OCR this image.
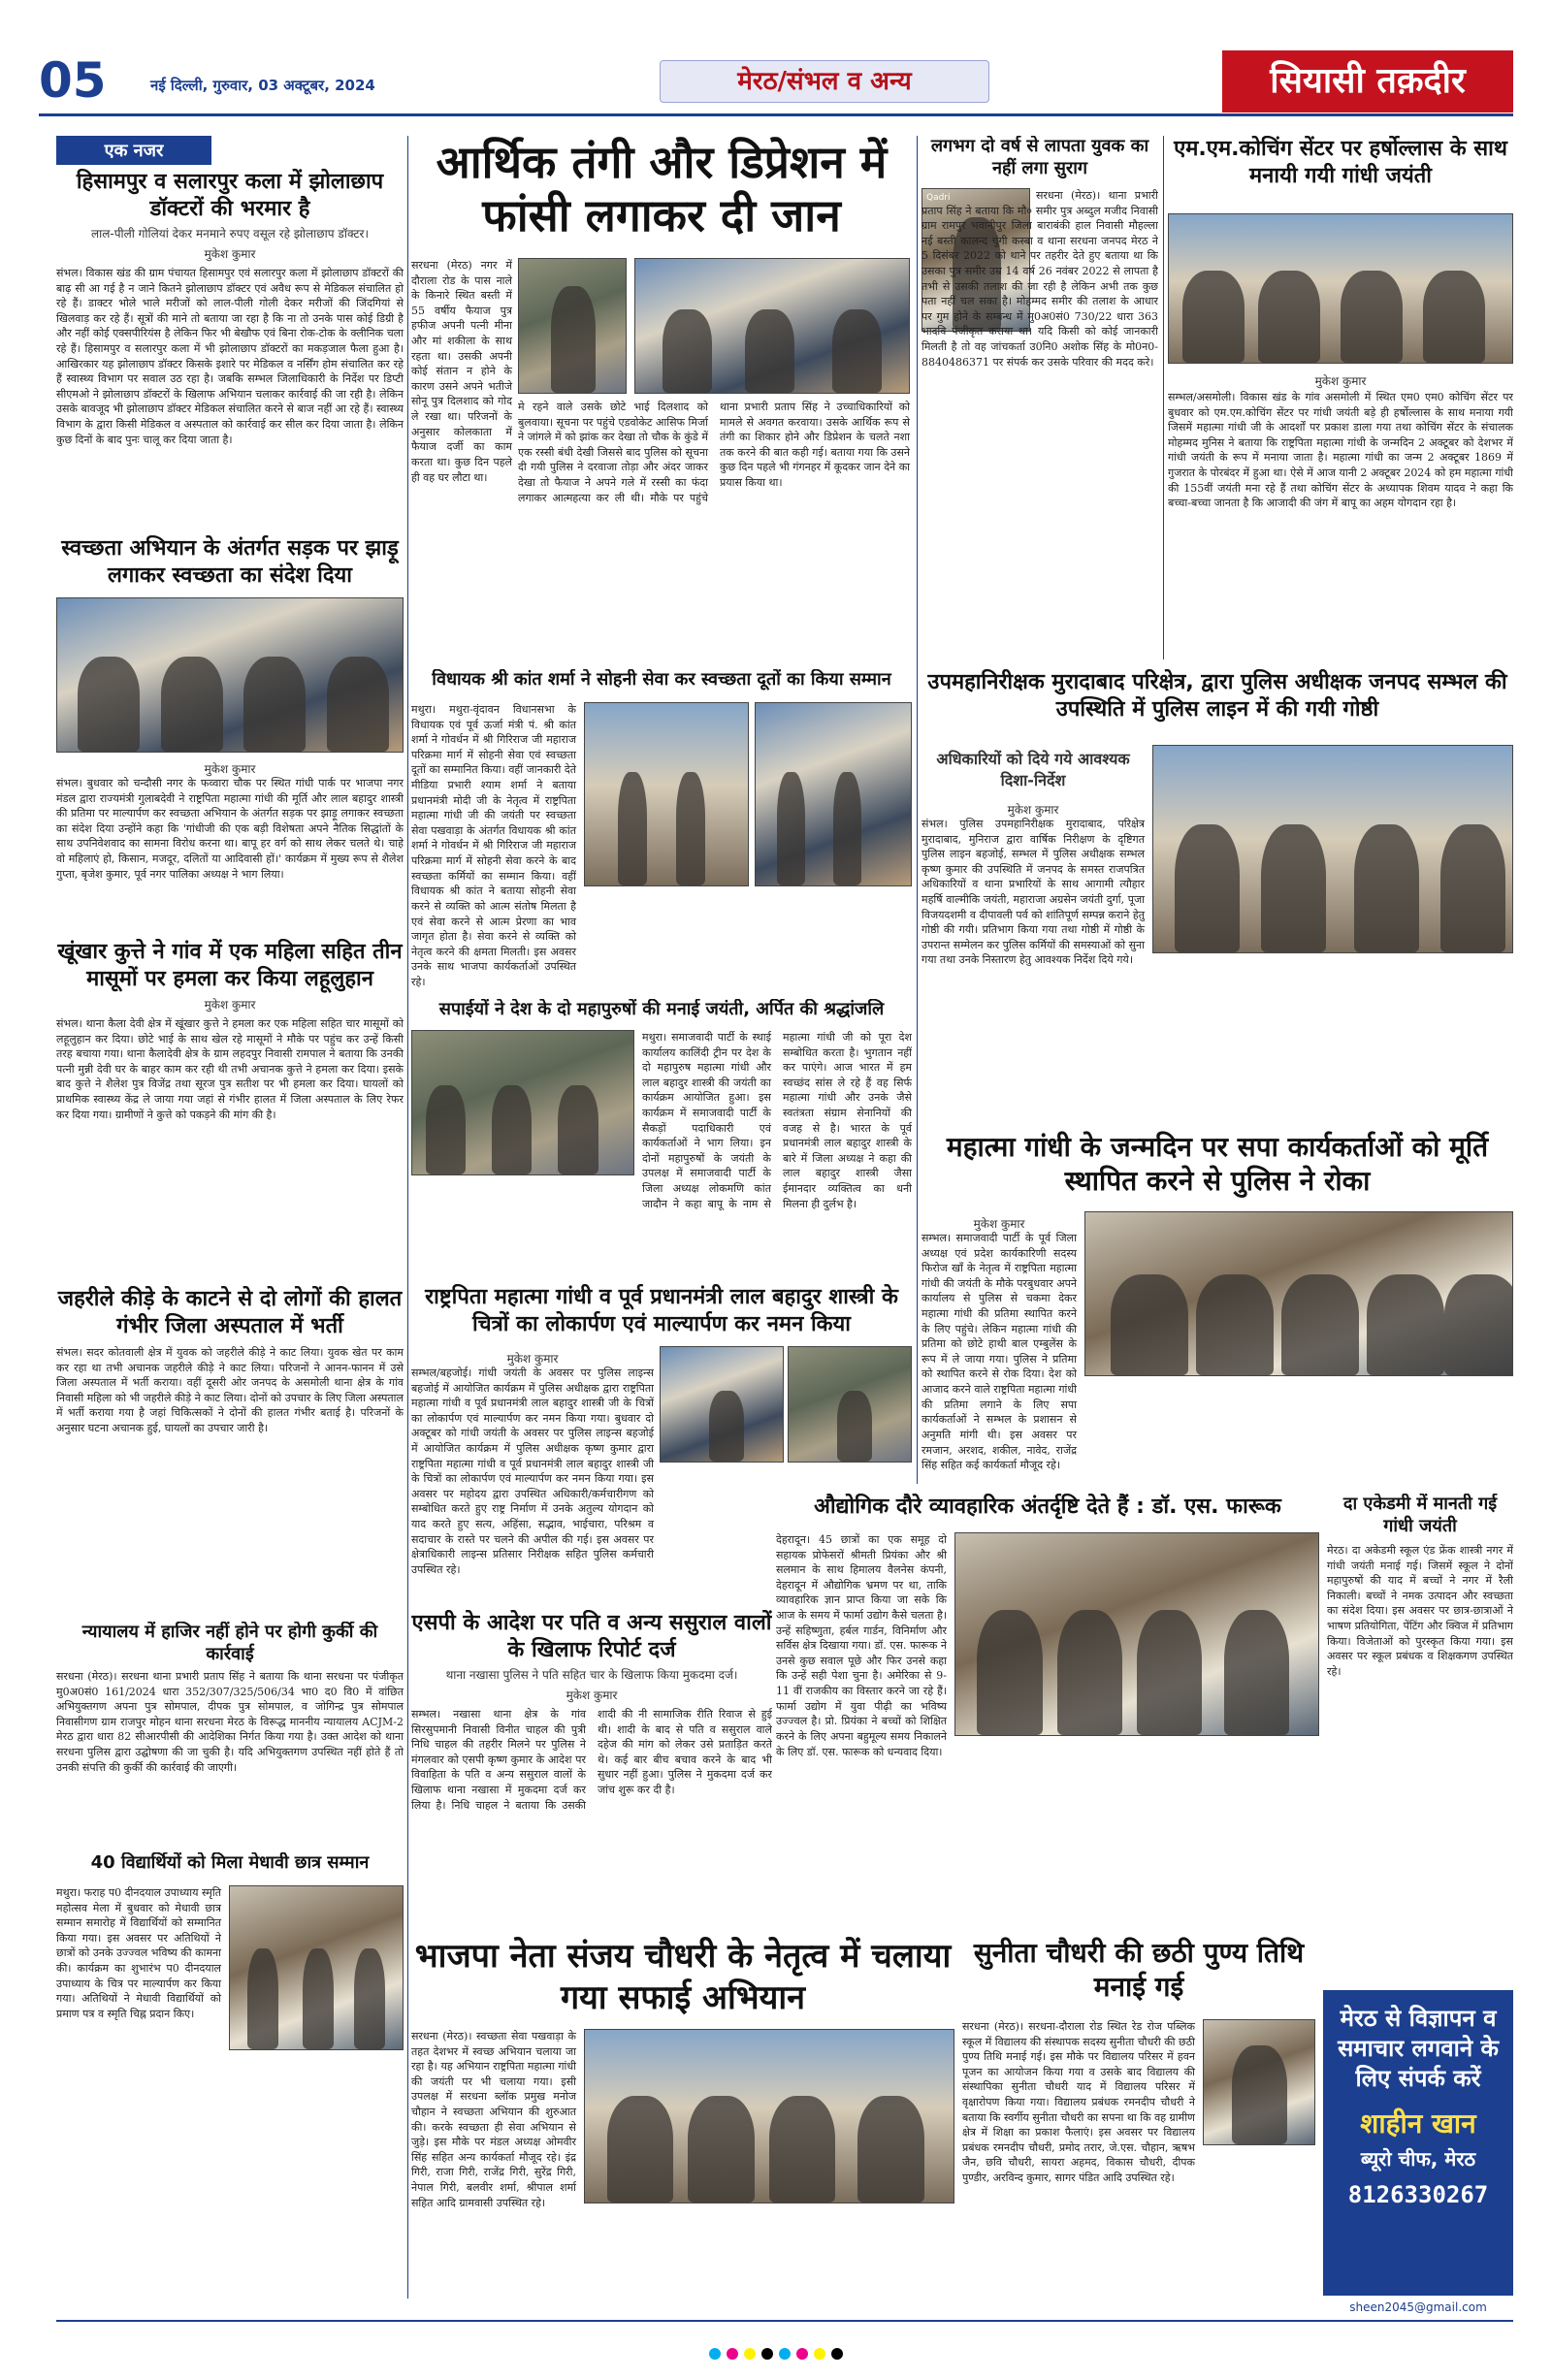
05	नई दिल्ली, गुरुवार, 03 अक्टूबर, 2024	मेरठ/संभल व अन्य	सियासी तक़दीर
एक नजर
हिसामपुर व सलारपुर कला में झोलाछाप डॉक्टरों की भरमार है
लाल-पीली गोलियां देकर मनमाने रुपए वसूल रहे झोलाछाप डॉक्टर।
मुकेश कुमार
संभल। विकास खंड की ग्राम पंचायत हिसामपुर एवं सलारपुर कला में झोलाछाप डॉक्टरों की बाढ़ सी आ गई है न जाने कितने झोलाछाप डॉक्टर एवं अवैध रूप से मेडिकल संचालित हो रहे हैं। डाक्टर भोले भाले मरीजों को लाल-पीली गोली देकर मरीजों की जिंदगियां से खिलवाड़ कर रहे हैं। सूत्रों की माने तो बताया जा रहा है कि ना तो उनके पास कोई डिग्री है और नहीं कोई एक्सपीरियंस है लेकिन फिर भी बेखौफ एवं बिना रोक-टोक के क्लीनिक चला रहे हैं। हिसामपुर व सलारपुर कला में भी झोलाछाप डॉक्टरों का मकड़जाल फैला हुआ है। आखिरकार यह झोलाछाप डॉक्टर किसके इशारे पर मेडिकल व नर्सिंग होम संचालित कर रहे हैं स्वास्थ्य विभाग पर सवाल उठ रहा है। जबकि सम्भल जिलाधिकारी के निर्देश पर डिप्टी सीएमओ ने झोलाछाप डॉक्टरों के खिलाफ अभियान चलाकर कार्रवाई की जा रही है। लेकिन उसके बावजूद भी झोलाछाप डॉक्टर मेडिकल संचालित करने से बाज नहीं आ रहे हैं। स्वास्थ्य विभाग के द्वारा किसी मेडिकल व अस्पताल को कार्रवाई कर सील कर दिया जाता है। लेकिन कुछ दिनों के बाद पुनः चालू कर दिया जाता है।
आर्थिक तंगी और डिप्रेशन में फांसी लगाकर दी जान
सरधना (मेरठ) नगर में दौराला रोड के पास नाले के किनारे स्थित बस्ती में 55 वर्षीय फैयाज पुत्र हफीज अपनी पत्नी मीना और मां शकीला के साथ रहता था। उसकी अपनी कोई संतान न होने के कारण उसने अपने भतीजे सोनू पुत्र दिलशाद को गोद ले रखा था। परिजनों के अनुसार कोलकाता में फैयाज दर्जी का काम करता था। कुछ दिन पहले ही वह घर लौटा था।
मे रहने वाले उसके छोटे भाई दिलशाद को बुलवाया। सूचना पर पहुंचे एडवोकेट आसिफ मिर्जा ने जांगले में को झांक कर देखा तो चौक के कुंडे में एक रस्सी बंधी देखी जिससे बाद पुलिस को सूचना दी गयी पुलिस ने दरवाजा तोड़ा और अंदर जाकर देखा तो फैयाज ने अपने गले में रस्सी का फंदा लगाकर आत्महत्या कर ली थी। मौके पर पहुंचे थाना प्रभारी प्रताप सिंह ने उच्चाधिकारियों को मामले से अवगत करवाया। उसके आर्थिक रूप से तंगी का शिकार होने और डिप्रेशन के चलते नशा तक करने की बात कही गई। बताया गया कि उसने कुछ दिन पहले भी गंगनहर में कूदकर जान देने का प्रयास किया था।
लगभग दो वर्ष से लापता युवक का नहीं लगा सुराग
Qadri	सरधना (मेरठ)। थाना प्रभारी प्रताप सिंह ने बताया कि मौ० समीर पुत्र अब्दुल मजीद निवासी ग्राम रामपुर भवानीपुर जिला बाराबंकी हाल निवासी मौहल्ला नई बस्ती कालन्द चुंगी कस्बा व थाना सरधना जनपद मेरठ ने 5 दिसंबर 2022 को थाने पर तहरीर देते हुए बताया था कि उसका पुत्र समीर उम्र 14 वर्ष 26 नवंबर 2022 से लापता है तभी से उसकी तलाश की जा रही है लेकिन अभी तक कुछ पता नहीं चल सका है। मोहम्मद समीर की तलाश के आधार पर गुम होने के सम्बन्ध में मु0अ0सं0 730/22 धारा 363 भादवि पंजीकृत कराया था। यदि किसी को कोई जानकारी मिलती है तो वह जांचकर्ता उ0नि0 अशोक सिंह के मो0न0-8840486371 पर संपर्क कर उसके परिवार की मदद करे।
एम.एम.कोचिंग सेंटर पर हर्षोल्लास के साथ मनायी गयी गांधी जयंती
मुकेश कुमार
सम्भल/असमोली। विकास खंड के गांव असमोली में स्थित एम0 एम0 कोचिंग सेंटर पर बुधवार को एम.एम.कोचिंग सेंटर पर गांधी जयंती बड़े ही हर्षोल्लास के साथ मनाया गयी जिसमें महात्मा गांधी जी के आदर्शों पर प्रकाश डाला गया तथा कोचिंग सेंटर के संचालक मोहम्मद मुनिस ने बताया कि राष्ट्रपिता महात्मा गांधी के जन्मदिन 2 अक्टूबर को देशभर में गांधी जयंती के रूप में मनाया जाता है। महात्मा गांधी का जन्म 2 अक्टूबर 1869 में गुजरात के पोरबंदर में हुआ था। ऐसे में आज यानी 2 अक्टूबर 2024 को हम महात्मा गांधी की 155वीं जयंती मना रहे हैं तथा कोचिंग सेंटर के अध्यापक शिवम यादव ने कहा कि बच्चा-बच्चा जानता है कि आजादी की जंग में बापू का अहम योगदान रहा है।
स्वच्छता अभियान के अंतर्गत सड़क पर झाड़ू लगाकर स्वच्छता का संदेश दिया
मुकेश कुमार
संभल। बुधवार को चन्दौसी नगर के फव्वारा चौक पर स्थित गांधी पार्क पर भाजपा नगर मंडल द्वारा राज्यमंत्री गुलाबदेवी ने राष्ट्रपिता महात्मा गांधी की मूर्ति और लाल बहादुर शास्त्री की प्रतिमा पर माल्यार्पण कर स्वच्छता अभियान के अंतर्गत सड़क पर झाड़ू लगाकर स्वच्छता का संदेश दिया उन्होंने कहा कि 'गांधीजी की एक बड़ी विशेषता अपने नैतिक सिद्धांतों के साथ उपनिवेशवाद का सामना विरोध करना था। बापू हर वर्ग को साथ लेकर चलते थे। चाहे वो महिलाएं हो, किसान, मजदूर, दलितों या आदिवासी हों।' कार्यक्रम में मुख्य रूप से शैलेश गुप्ता, बृजेश कुमार, पूर्व नगर पालिका अध्यक्ष ने भाग लिया।
खूंखार कुत्ते ने गांव में एक महिला सहित तीन मासूमों पर हमला कर किया लहूलुहान
मुकेश कुमार
संभल। थाना कैला देवी क्षेत्र में खूंखार कुत्ते ने हमला कर एक महिला सहित चार मासूमों को लहूलुहान कर दिया। छोटे भाई के साथ खेल रहे मासूमों ने मौके पर पहुंच कर उन्हें किसी तरह बचाया गया। थाना कैलादेवी क्षेत्र के ग्राम लहदपुर निवासी रामपाल ने बताया कि उनकी पत्नी मुन्नी देवी घर के बाहर काम कर रही थी तभी अचानक कुत्ते ने हमला कर दिया। इसके बाद कुत्ते ने शैलेश पुत्र विजेंद्र तथा सूरज पुत्र सतीश पर भी हमला कर दिया। घायलों को प्राथमिक स्वास्थ्य केंद्र ले जाया गया जहां से गंभीर हालत में जिला अस्पताल के लिए रेफर कर दिया गया। ग्रामीणों ने कुत्ते को पकड़ने की मांग की है।
जहरीले कीड़े के काटने से दो लोगों की हालत गंभीर जिला अस्पताल में भर्ती
संभल। सदर कोतवाली क्षेत्र में युवक को जहरीले कीड़े ने काट लिया। युवक खेत पर काम कर रहा था तभी अचानक जहरीले कीड़े ने काट लिया। परिजनों ने आनन-फानन में उसे जिला अस्पताल में भर्ती कराया। वहीं दूसरी ओर जनपद के असमोली थाना क्षेत्र के गांव निवासी महिला को भी जहरीले कीड़े ने काट लिया। दोनों को उपचार के लिए जिला अस्पताल में भर्ती कराया गया है जहां चिकित्सकों ने दोनों की हालत गंभीर बताई है। परिजनों के अनुसार घटना अचानक हुई, घायलों का उपचार जारी है।
न्यायालय में हाजिर नहीं होने पर होगी कुर्की की कार्रवाई
सरधना (मेरठ)। सरधना थाना प्रभारी प्रताप सिंह ने बताया कि थाना सरधना पर पंजीकृत मु0अ0सं0 161/2024 धारा 352/307/325/506/34 भा0 द0 वि0 में वांछित अभियुक्तगण अपना पुत्र सोमपाल, दीपक पुत्र सोमपाल, व जोगिन्द्र पुत्र सोमपाल निवासीगण ग्राम राजपुर मोहन थाना सरधना मेरठ के विरूद्ध माननीय न्यायालय ACJM-2 मेरठ द्वारा धारा 82 सीआरपीसी की आदेशिका निर्गत किया गया है। उक्त आदेश को थाना सरधना पुलिस द्वारा उद्घोषणा की जा चुकी है। यदि अभियुक्तगण उपस्थित नहीं होते हैं तो उनकी संपत्ति की कुर्की की कार्रवाई की जाएगी।
40 विद्यार्थियों को मिला मेधावी छात्र सम्मान
मथुरा। फराह प0 दीनदयाल उपाध्याय स्मृति महोत्सव मेला में बुधवार को मेधावी छात्र सम्मान समारोह में विद्यार्थियों को सम्मानित किया गया। इस अवसर पर अतिथियों ने छात्रों को उनके उज्ज्वल भविष्य की कामना की। कार्यक्रम का शुभारंभ प0 दीनदयाल उपाध्याय के चित्र पर माल्यार्पण कर किया गया। अतिथियों ने मेधावी विद्यार्थियों को प्रमाण पत्र व स्मृति चिह्न प्रदान किए।
विधायक श्री कांत शर्मा ने सोहनी सेवा कर स्वच्छता दूतों का किया सम्मान
मथुरा। मथुरा-वृंदावन विधानसभा के विधायक एवं पूर्व ऊर्जा मंत्री पं. श्री कांत शर्मा ने गोवर्धन में श्री गिरिराज जी महाराज परिक्रमा मार्ग में सोहनी सेवा एवं स्वच्छता दूतों का सम्मानित किया। वहीं जानकारी देते मीडिया प्रभारी श्याम शर्मा ने बताया प्रधानमंत्री मोदी जी के नेतृत्व में राष्ट्रपिता महात्मा गांधी जी की जयंती पर स्वच्छता सेवा पखवाड़ा के अंतर्गत विधायक श्री कांत शर्मा ने गोवर्धन में श्री गिरिराज जी महाराज परिक्रमा मार्ग में सोहनी सेवा करने के बाद स्वच्छता कर्मियों का सम्मान किया। वहीं विधायक श्री कांत ने बताया सोहनी सेवा करने से व्यक्ति को आत्म संतोष मिलता है एवं सेवा करने से आत्म प्रेरणा का भाव जागृत होता है। सेवा करने से व्यक्ति को नेतृत्व करने की क्षमता मिलती। इस अवसर उनके साथ भाजपा कार्यकर्ताओं उपस्थित रहे।
सपाईयों ने देश के दो महापुरुषों की मनाई जयंती, अर्पित की श्रद्धांजलि
मथुरा। समाजवादी पार्टी के स्थाई कार्यालय कालिंदी ट्रीन पर देश के दो महापुरुष महात्मा गांधी और लाल बहादुर शास्त्री की जयंती का कार्यक्रम आयोजित हुआ। इस कार्यक्रम में समाजवादी पार्टी के सैकड़ों पदाधिकारी एवं कार्यकर्ताओं ने भाग लिया। इन दोनों महापुरुषों के जयंती के उपलक्ष में समाजवादी पार्टी के जिला अध्यक्ष लोकमणि कांत जादौन ने कहा बापू के नाम से महात्मा गांधी जी को पूरा देश सम्बोधित करता है। भुगतान नहीं कर पाएंगे। आज भारत में हम स्वच्छंद सांस ले रहे हैं वह सिर्फ महात्मा गांधी और उनके जैसे स्वतंत्रता संग्राम सेनानियों की वजह से है। भारत के पूर्व प्रधानमंत्री लाल बहादुर शास्त्री के बारे में जिला अध्यक्ष ने कहा की लाल बहादुर शास्त्री जैसा ईमानदार व्यक्तित्व का धनी मिलना ही दुर्लभ है।
उपमहानिरीक्षक मुरादाबाद परिक्षेत्र, द्वारा पुलिस अधीक्षक जनपद सम्भल की उपस्थिति में पुलिस लाइन में की गयी गोष्ठी
अधिकारियों को दिये गये आवश्यक दिशा-निर्देश
मुकेश कुमार
संभल। पुलिस उपमहानिरीक्षक मुरादाबाद, परिक्षेत्र मुरादाबाद, मुनिराज द्वारा वार्षिक निरीक्षण के दृष्टिगत पुलिस लाइन बहजोई, सम्भल में पुलिस अधीक्षक सम्भल कृष्ण कुमार की उपस्थिति में जनपद के समस्त राजपत्रित अधिकारियों व थाना प्रभारियों के साथ आगामी त्यौहार महर्षि वाल्मीकि जयंती, महाराजा अग्रसेन जयंती दुर्गा, पूजा विजयदशमी व दीपावली पर्व को शांतिपूर्ण सम्पन्न कराने हेतु गोष्ठी की गयी। प्रतिभाग किया गया तथा गोष्ठी में गोष्ठी के उपरान्त सम्मेलन कर पुलिस कर्मियों की समस्याओं को सुना गया तथा उनके निस्तारण हेतु आवश्यक निर्देश दिये गये।
महात्मा गांधी के जन्मदिन पर सपा कार्यकर्ताओं को मूर्ति स्थापित करने से पुलिस ने रोका
मुकेश कुमार
सम्भल। समाजवादी पार्टी के पूर्व जिला अध्यक्ष एवं प्रदेश कार्यकारिणी सदस्य फिरोज खाँ के नेतृत्व में राष्ट्रपिता महात्मा गांधी की जयंती के मौके परबुधवार अपने कार्यालय से पुलिस से चकमा देकर महात्मा गांधी की प्रतिमा स्थापित करने के लिए पहुंचे। लेकिन महात्मा गांधी की प्रतिमा को छोटे हाथी बाल एम्बुलेंस के रूप में ले जाया गया। पुलिस ने प्रतिमा को स्थापित करने से रोक दिया। देश को आजाद करने वाले राष्ट्रपिता महात्मा गांधी की प्रतिमा लगाने के लिए सपा कार्यकर्ताओं ने सम्भल के प्रशासन से अनुमति मांगी थी। इस अवसर पर रमजान, अरशद, शकील, नावेद, राजेंद्र सिंह सहित कई कार्यकर्ता मौजूद रहे।
राष्ट्रपिता महात्मा गांधी व पूर्व प्रधानमंत्री लाल बहादुर शास्त्री के चित्रों का लोकार्पण एवं माल्यार्पण कर नमन किया
मुकेश कुमार
सम्भल/बहजोई। गांधी जयंती के अवसर पर पुलिस लाइन्स बहजोई में आयोजित कार्यक्रम में पुलिस अधीक्षक द्वारा राष्ट्रपिता महात्मा गांधी व पूर्व प्रधानमंत्री लाल बहादुर शास्त्री जी के चित्रों का लोकार्पण एवं माल्यार्पण कर नमन किया गया। बुधवार दो अक्टूबर को गांधी जयंती के अवसर पर पुलिस लाइन्स बहजोई में आयोजित कार्यक्रम में पुलिस अधीक्षक कृष्ण कुमार द्वारा राष्ट्रपिता महात्मा गांधी व पूर्व प्रधानमंत्री लाल बहादुर शास्त्री जी के चित्रों का लोकार्पण एवं माल्यार्पण कर नमन किया गया। इस अवसर पर महोदय द्वारा उपस्थित अधिकारी/कर्मचारीगण को सम्बोधित करते हुए राष्ट्र निर्माण में उनके अतुल्य योगदान को याद करते हुए सत्य, अहिंसा, सद्भाव, भाईचारा, परिश्रम व सदाचार के रास्ते पर चलने की अपील की गई। इस अवसर पर क्षेत्राधिकारी लाइन्स प्रतिसार निरीक्षक सहित पुलिस कर्मचारी उपस्थित रहे।
एसपी के आदेश पर पति व अन्य ससुराल वालों के खिलाफ रिपोर्ट दर्ज
थाना नखासा पुलिस ने पति सहित चार के खिलाफ किया मुकदमा दर्ज।
मुकेश कुमार
सम्भल। नखासा थाना क्षेत्र के गांव सिरसुपमानी निवासी विनीत चाहल की पुत्री निधि चाहल की तहरीर मिलने पर पुलिस ने मंगलवार को एसपी कृष्ण कुमार के आदेश पर विवाहिता के पति व अन्य ससुराल वालों के खिलाफ थाना नखासा में मुकदमा दर्ज कर लिया है। निधि चाहल ने बताया कि उसकी शादी की नी सामाजिक रीति रिवाज से हुई थी। शादी के बाद से पति व ससुराल वाले दहेज की मांग को लेकर उसे प्रताड़ित करते थे। कई बार बीच बचाव करने के बाद भी सुधार नहीं हुआ। पुलिस ने मुकदमा दर्ज कर जांच शुरू कर दी है।
औद्योगिक दौरे व्यावहारिक अंतर्दृष्टि देते हैं : डॉ. एस. फारूक
देहरादून। 45 छात्रों का एक समूह दो सहायक प्रोफेसरों श्रीमती प्रियंका और श्री सलमान के साथ हिमालय वैलनेस कंपनी, देहरादून में औद्योगिक भ्रमण पर था, ताकि व्यावहारिक ज्ञान प्राप्त किया जा सके कि आज के समय में फार्मा उद्योग कैसे चलता है। उन्हें सहिष्णुता, हर्बल गार्डन, विनिर्माण और सर्विस क्षेत्र दिखाया गया। डॉ. एस. फारूक ने उनसे कुछ सवाल पूछे और फिर उनसे कहा कि उन्हें सही पेशा चुना है। अमेरिका से 9-11 वीं राजकीय का विस्तार करने जा रहे हैं। फार्मा उद्योग में युवा पीढ़ी का भविष्य उज्ज्वल है। प्रो. प्रियंका ने बच्चों को शिक्षित करने के लिए अपना बहुमूल्य समय निकालने के लिए डॉ. एस. फारूक को धन्यवाद दिया।
दा एकेडमी में मानती गई गांधी जयंती
मेरठ। दा अकेडमी स्कूल एंड फ्रेंक शास्त्री नगर में गांधी जयंती मनाई गई। जिसमें स्कूल ने दोनों महापुरुषों की याद में बच्चों ने नगर में रैली निकाली। बच्चों ने नमक उत्पादन और स्वच्छता का संदेश दिया। इस अवसर पर छात्र-छात्राओं ने भाषण प्रतियोगिता, पेंटिंग और क्विज में प्रतिभाग किया। विजेताओं को पुरस्कृत किया गया। इस अवसर पर स्कूल प्रबंधक व शिक्षकगण उपस्थित रहे।
भाजपा नेता संजय चौधरी के नेतृत्व में चलाया गया सफाई अभियान
सरधना (मेरठ)। स्वच्छता सेवा पखवाड़ा के तहत देशभर में स्वच्छ अभियान चलाया जा रहा है। यह अभियान राष्ट्रपिता महात्मा गांधी की जयंती पर भी चलाया गया। इसी उपलक्ष में सरधना ब्लॉक प्रमुख मनोज चौहान ने स्वच्छता अभियान की शुरुआत की। करके स्वच्छता ही सेवा अभियान से जुड़े। इस मौके पर मंडल अध्यक्ष ओमवीर सिंह सहित अन्य कार्यकर्ता मौजूद रहे। इंद्र गिरी, राजा गिरी, राजेंद्र गिरी, सुरेंद्र गिरी, नेपाल गिरी, बलवीर शर्मा, श्रीपाल शर्मा सहित आदि ग्रामवासी उपस्थित रहे।
सुनीता चौधरी की छठी पुण्य तिथि मनाई गई
सरधना (मेरठ)। सरधना-दौराला रोड स्थित रेड रोज पब्लिक स्कूल में विद्यालय की संस्थापक सदस्य सुनीता चौधरी की छठी पुण्य तिथि मनाई गई। इस मौके पर विद्यालय परिसर में हवन पूजन का आयोजन किया गया व उसके बाद विद्यालय की संस्थापिका सुनीता चौधरी याद में विद्यालय परिसर में वृक्षारोपण किया गया। विद्यालय प्रबंधक रमनदीप चौधरी ने बताया कि स्वर्गीय सुनीता चौधरी का सपना था कि वह ग्रामीण क्षेत्र में शिक्षा का प्रकाश फैलाएं। इस अवसर पर विद्यालय प्रबंधक रमनदीप चौधरी, प्रमोद तरार, जे.एस. चौहान, ऋषभ जैन, छवि चौधरी, सायरा अहमद, विकास चौधरी, दीपक पुण्डीर, अरविन्द कुमार, सागर पंडित आदि उपस्थित रहे।
मेरठ से विज्ञापन व समाचार लगवाने के लिए संपर्क करें
शाहीन खान
ब्यूरो चीफ, मेरठ
8126330267
sheen2045@gmail.com
